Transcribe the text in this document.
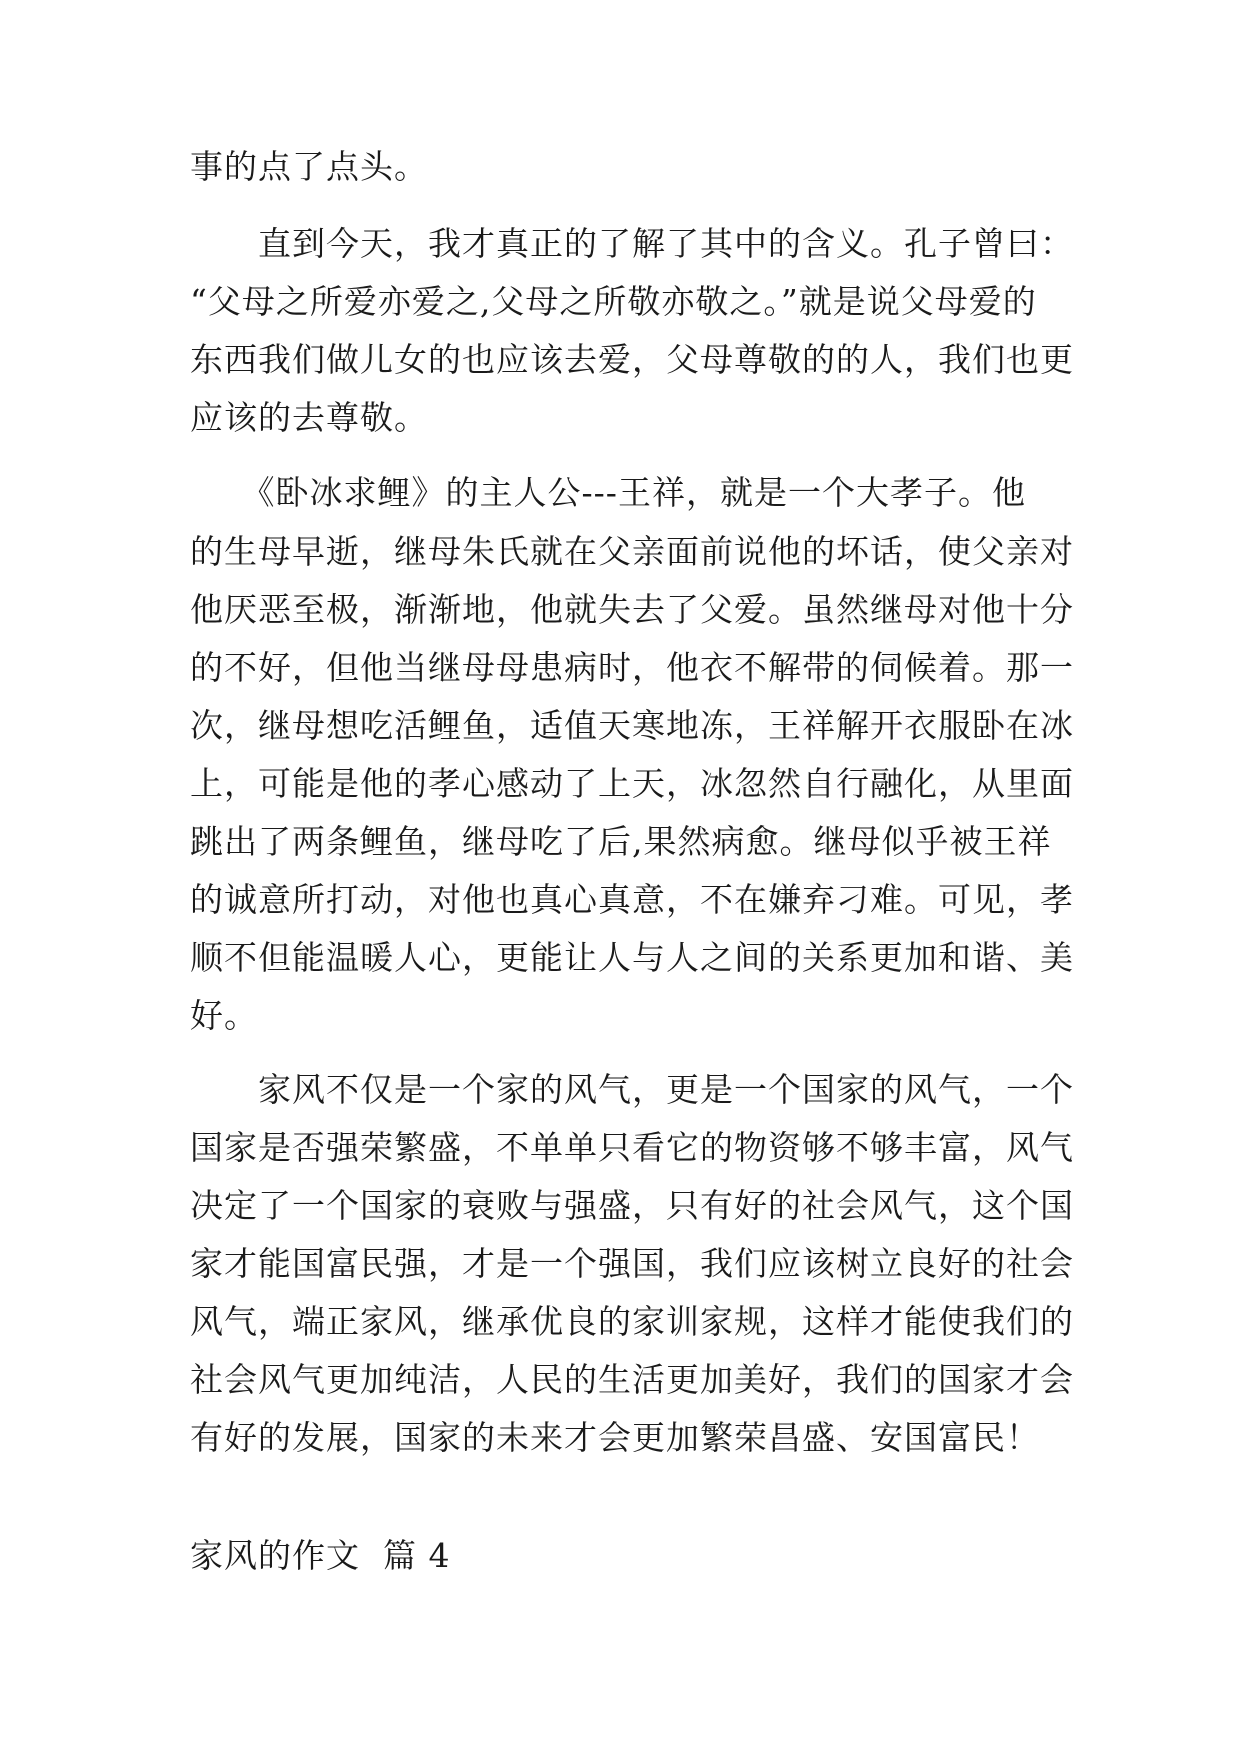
事的点了点头。
　　直到今天，我才真正的了解了其中的含义。孔子曾曰：
“父母之所爱亦爱之,父母之所敬亦敬之。”就是说父母爱的
东西我们做儿女的也应该去爱，父母尊敬的的人，我们也更
应该的去尊敬。
　　《卧冰求鲤》的主人公---王祥，就是一个大孝子。他
的生母早逝，继母朱氏就在父亲面前说他的坏话，使父亲对
他厌恶至极，渐渐地，他就失去了父爱。虽然继母对他十分
的不好，但他当继母母患病时，他衣不解带的伺候着。那一
次，继母想吃活鲤鱼，适值天寒地冻，王祥解开衣服卧在冰
上，可能是他的孝心感动了上天，冰忽然自行融化，从里面
跳出了两条鲤鱼，继母吃了后,果然病愈。继母似乎被王祥
的诚意所打动，对他也真心真意，不在嫌弃刁难。可见，孝
顺不但能温暖人心，更能让人与人之间的关系更加和谐、美
好。
　　家风不仅是一个家的风气，更是一个国家的风气，一个
国家是否强荣繁盛，不单单只看它的物资够不够丰富，风气
决定了一个国家的衰败与强盛，只有好的社会风气，这个国
家才能国富民强，才是一个强国，我们应该树立良好的社会
风气，端正家风，继承优良的家训家规，这样才能使我们的
社会风气更加纯洁，人民的生活更加美好，我们的国家才会
有好的发展，国家的未来才会更加繁荣昌盛、安国富民！
家风的作文  篇 4
